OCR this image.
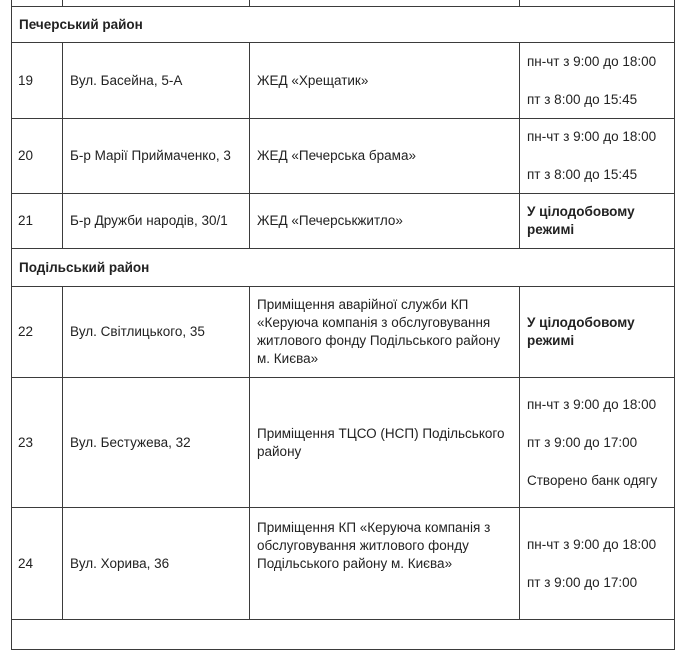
Печерський район			
19	Вул. Басейна, 5-А	ЖЕД «Хрещатик»	пн-чт з 9:00 до 18:00

пт з 8:00 до 15:45

20	Б-р Марії Приймаченко, 3	ЖЕД «Печерська брама»	пн-чт з 9:00 до 18:00

пт з 8:00 до 15:45

21	Б-р Дружби народів, 30/1	ЖЕД «Печерськжитло»	У цілодобовому режимі
Подільський район			
22	Вул. Світлицького, 35	Приміщення аварійної служби КП «Керуюча компанія з обслуговування житлового фонду Подільського району м. Києва»	У цілодобовому режимі
23	Вул. Бестужева, 32	Приміщення ТЦСО (НСП) Подільського району	пн-чт з 9:00 до 18:00

пт з 9:00 до 17:00

Створено банк одягу

24	Вул. Хорива, 36	Приміщення КП «Керуюча компанія з обслуговування житлового фонду Подільського району м. Києва»	пн-чт з 9:00 до 18:00

пт з 9:00 до 17:00
